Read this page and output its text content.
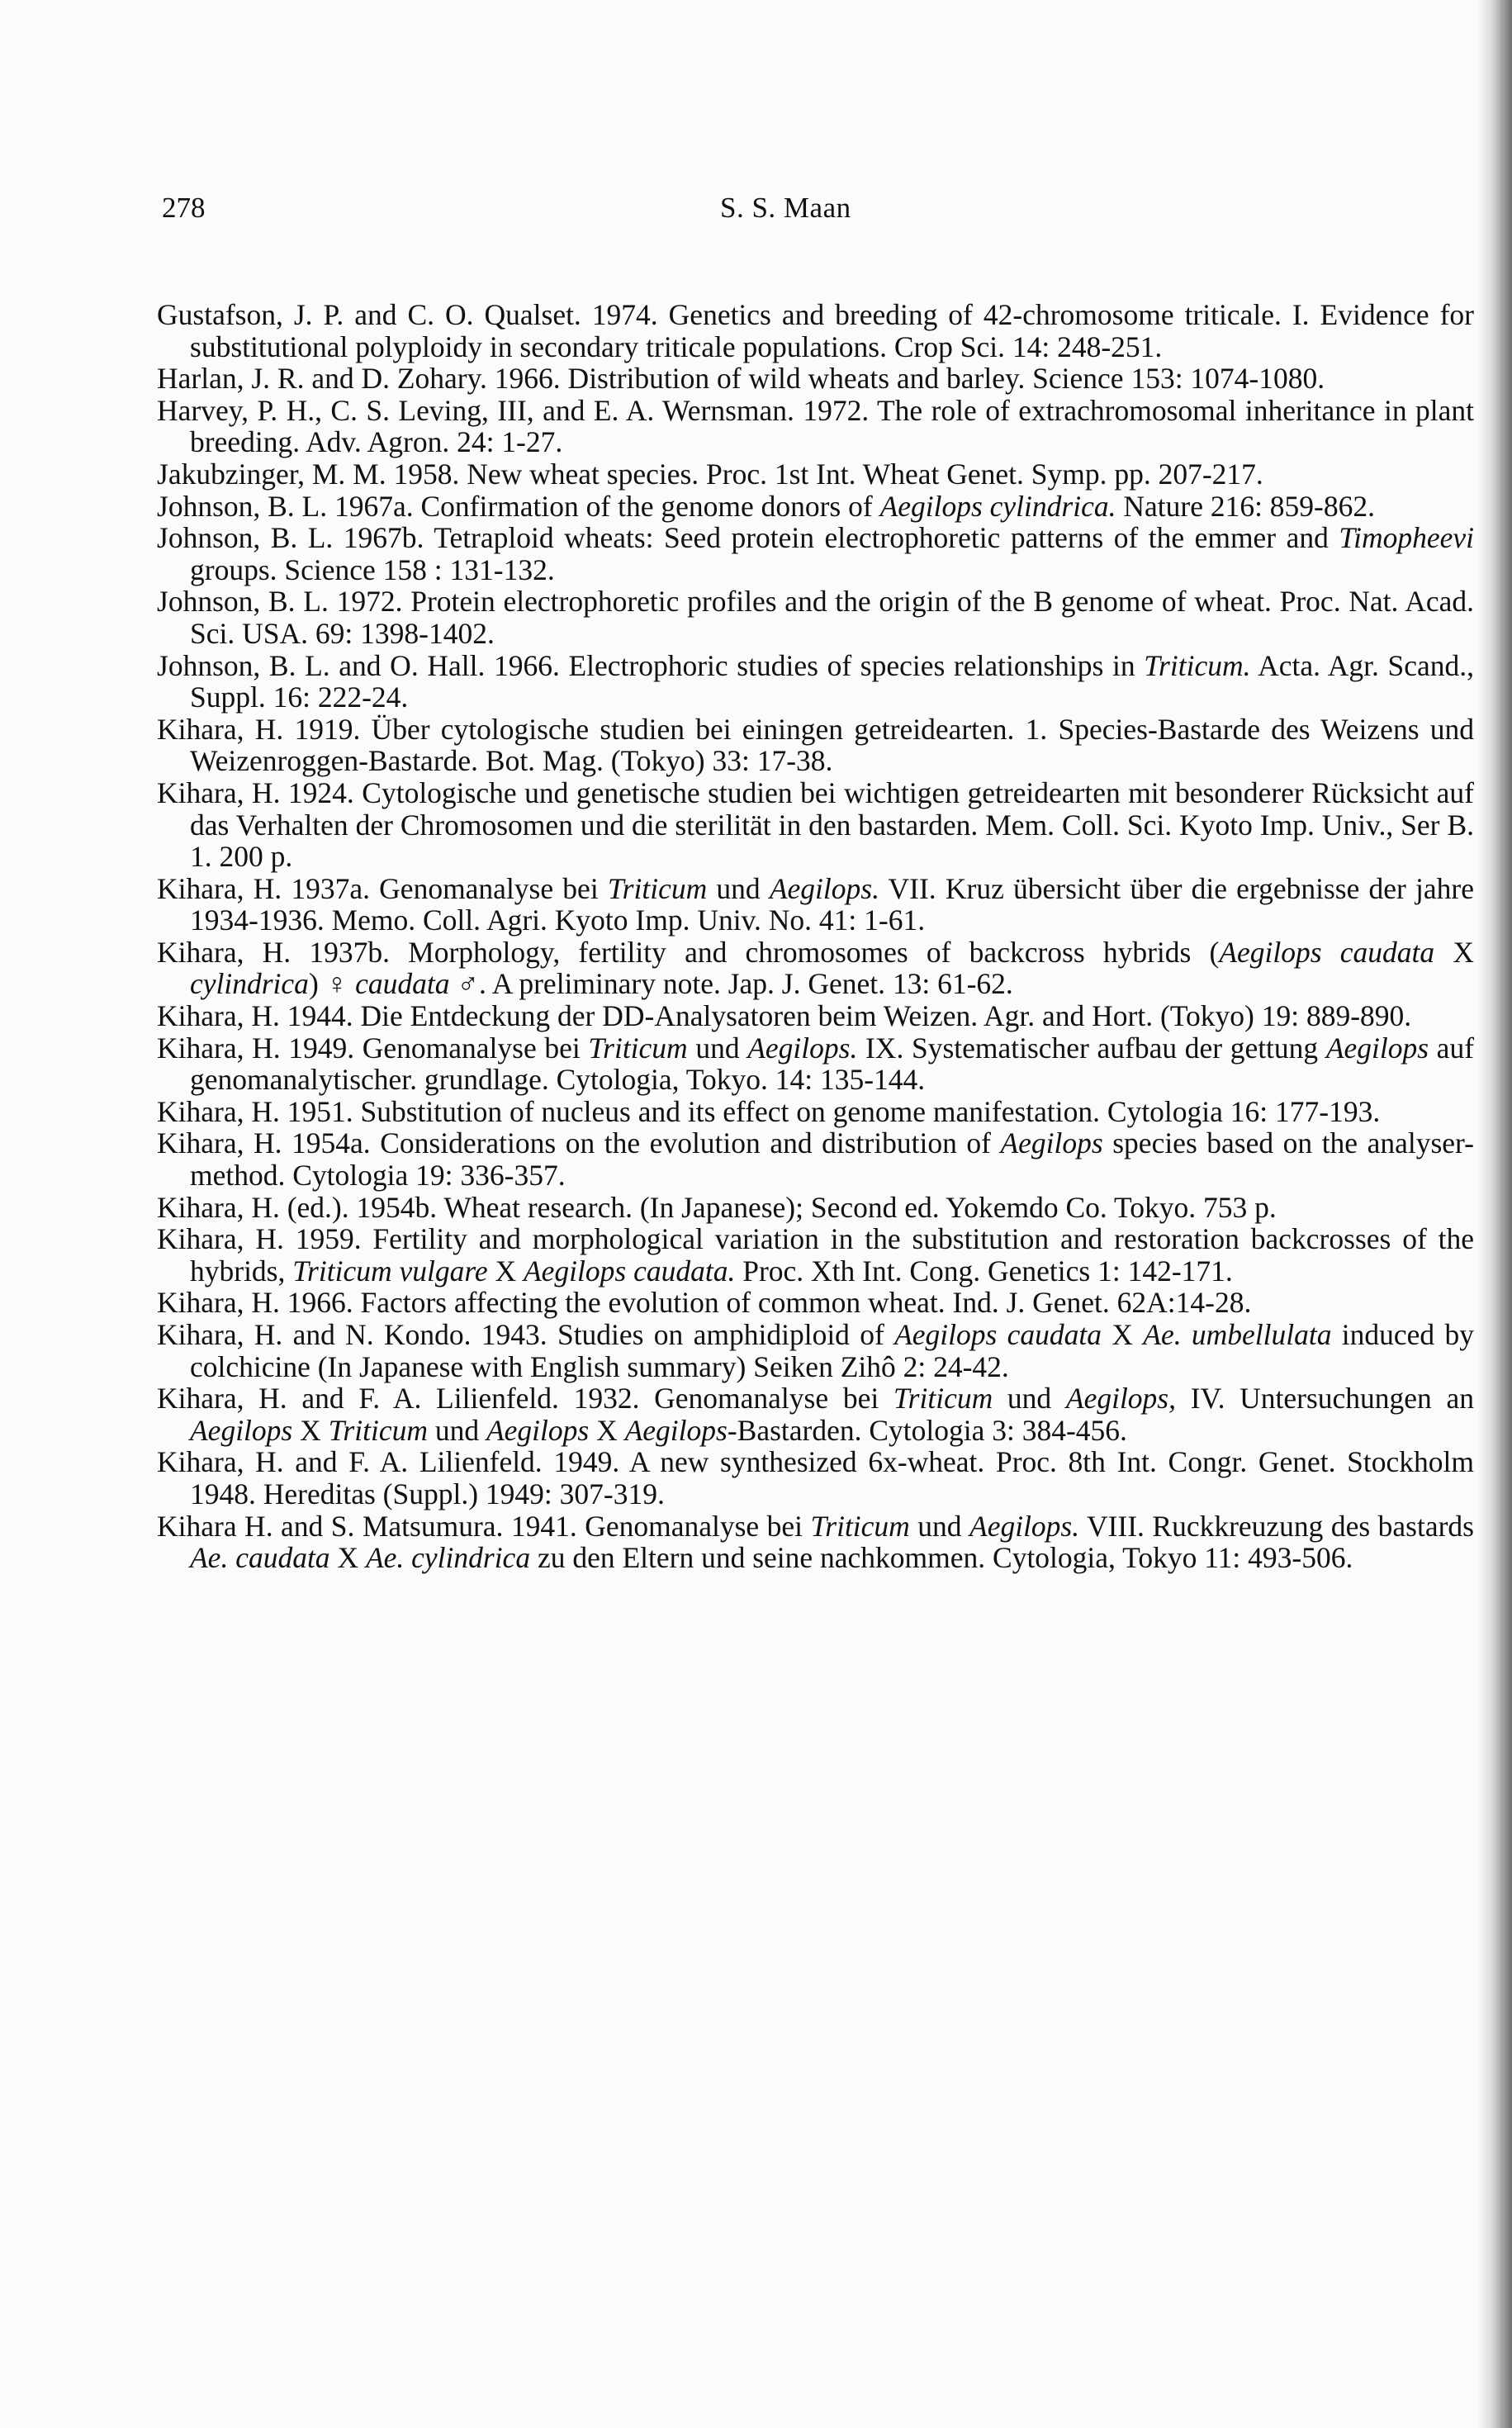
278	S. S. Maan
Gustafson, J. P. and C. O. Qualset. 1974. Genetics and breeding of 42-chromosome triticale. I. Evidence for substitutional polyploidy in secondary triticale populations. Crop Sci. 14: 248-251.
Harlan, J. R. and D. Zohary. 1966. Distribution of wild wheats and barley. Science 153: 1074-1080.
Harvey, P. H., C. S. Leving, III, and E. A. Wernsman. 1972. The role of extrachromosomal inheritance in plant breeding. Adv. Agron. 24: 1-27.
Jakubzinger, M. M. 1958. New wheat species. Proc. 1st Int. Wheat Genet. Symp. pp. 207-217.
Johnson, B. L. 1967a. Confirmation of the genome donors of Aegilops cylindrica. Nature 216: 859-862.
Johnson, B. L. 1967b. Tetraploid wheats: Seed protein electrophoretic patterns of the emmer and Timopheevi groups. Science 158 : 131-132.
Johnson, B. L. 1972. Protein electrophoretic profiles and the origin of the B genome of wheat. Proc. Nat. Acad. Sci. USA. 69: 1398-1402.
Johnson, B. L. and O. Hall. 1966. Electrophoric studies of species relationships in Triticum. Acta. Agr. Scand., Suppl. 16: 222-24.
Kihara, H. 1919. Über cytologische studien bei einingen getreidearten. 1. Species-Bastarde des Weizens und Weizenroggen-Bastarde. Bot. Mag. (Tokyo) 33: 17-38.
Kihara, H. 1924. Cytologische und genetische studien bei wichtigen getreidearten mit besonderer Rücksicht auf das Verhalten der Chromosomen und die sterilität in den bastarden. Mem. Coll. Sci. Kyoto Imp. Univ., Ser B. 1. 200 p.
Kihara, H. 1937a. Genomanalyse bei Triticum und Aegilops. VII. Kruz übersicht über die ergebnisse der jahre 1934-1936. Memo. Coll. Agri. Kyoto Imp. Univ. No. 41: 1-61.
Kihara, H. 1937b. Morphology, fertility and chromosomes of backcross hybrids (Aegilops caudata X cylindrica) ♀ caudata ♂. A preliminary note. Jap. J. Genet. 13: 61-62.
Kihara, H. 1944. Die Entdeckung der DD-Analysatoren beim Weizen. Agr. and Hort. (Tokyo) 19: 889-890.
Kihara, H. 1949. Genomanalyse bei Triticum und Aegilops. IX. Systematischer aufbau der gettung Aegilops auf genomanalytischer. grundlage. Cytologia, Tokyo. 14: 135-144.
Kihara, H. 1951. Substitution of nucleus and its effect on genome manifestation. Cytologia 16: 177-193.
Kihara, H. 1954a. Considerations on the evolution and distribution of Aegilops species based on the analyser-method. Cytologia 19: 336-357.
Kihara, H. (ed.). 1954b. Wheat research. (In Japanese); Second ed. Yokemdo Co. Tokyo. 753 p.
Kihara, H. 1959. Fertility and morphological variation in the substitution and restoration backcrosses of the hybrids, Triticum vulgare X Aegilops caudata. Proc. Xth Int. Cong. Genetics 1: 142-171.
Kihara, H. 1966. Factors affecting the evolution of common wheat. Ind. J. Genet. 62A:14-28.
Kihara, H. and N. Kondo. 1943. Studies on amphidiploid of Aegilops caudata X Ae. umbellulata induced by colchicine (In Japanese with English summary) Seiken Zihô 2: 24-42.
Kihara, H. and F. A. Lilienfeld. 1932. Genomanalyse bei Triticum und Aegilops, IV. Untersuchungen an Aegilops X Triticum und Aegilops X Aegilops-Bastarden. Cytologia 3: 384-456.
Kihara, H. and F. A. Lilienfeld. 1949. A new synthesized 6x-wheat. Proc. 8th Int. Congr. Genet. Stockholm 1948. Hereditas (Suppl.) 1949: 307-319.
Kihara H. and S. Matsumura. 1941. Genomanalyse bei Triticum und Aegilops. VIII. Ruckkreuzung des bastards Ae. caudata X Ae. cylindrica zu den Eltern und seine nachkommen. Cytologia, Tokyo 11: 493-506.
